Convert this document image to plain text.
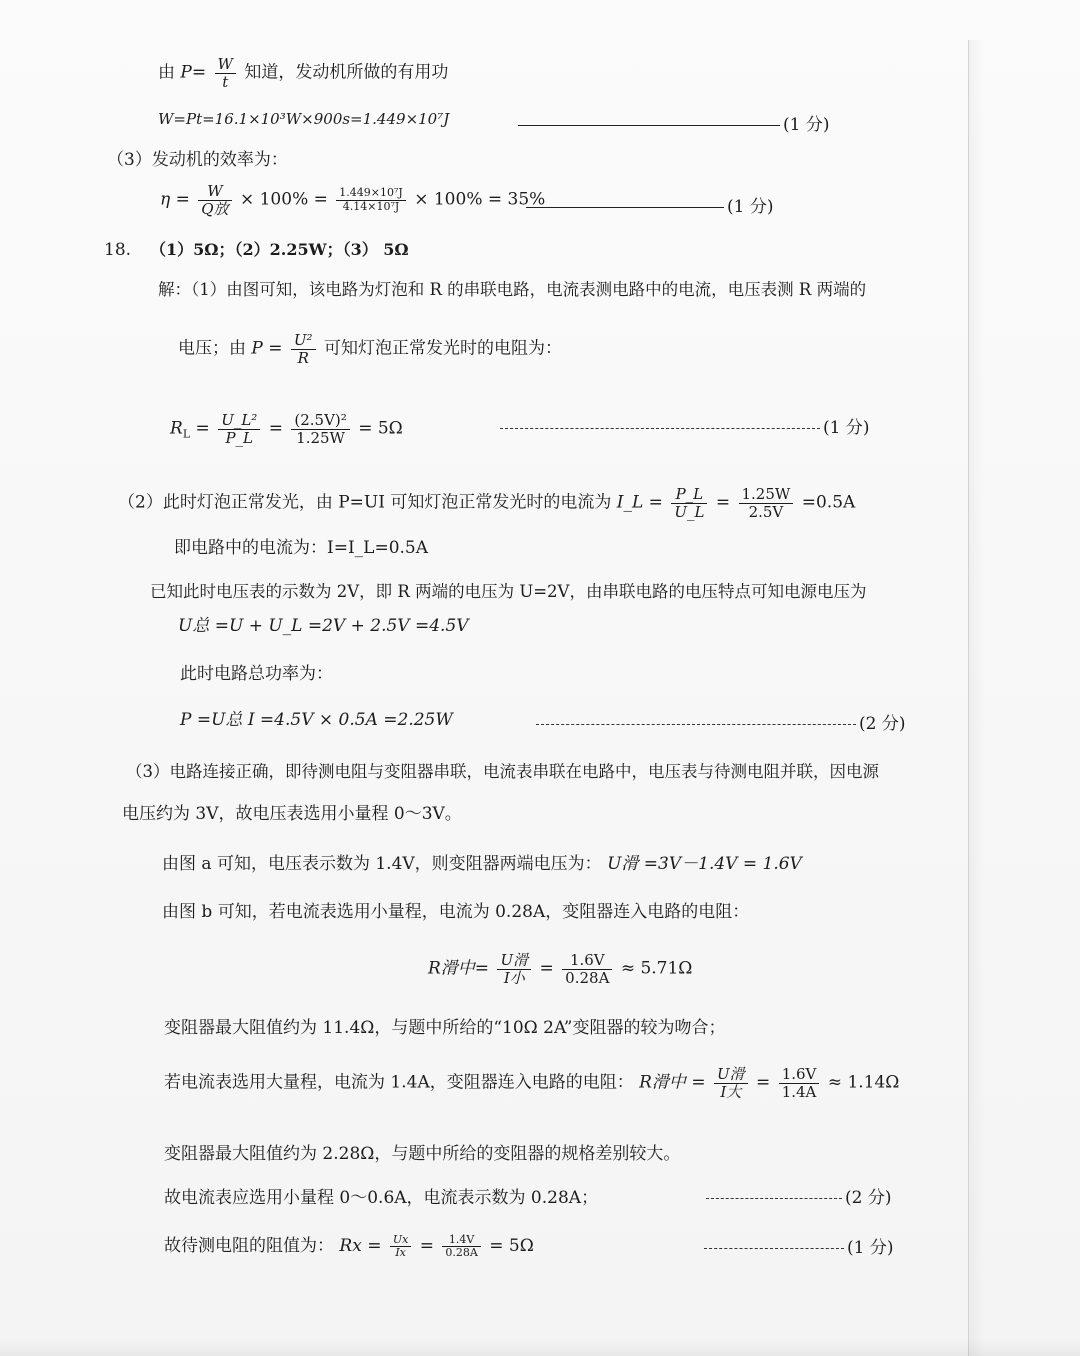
由 $P= \frac{W}{t}$ 知道，发动机所做的有用功
W=Pt=16.1×10³W×900s=1.449×10⁷J	(1 分)
（3）发动机的效率为：
$\eta = \frac{W}{\text{Q放}} \times 100\% = \frac{\text{1.449×10⁷J}}{\text{4.14×10⁷J}} \times 100\% = 35\%$	(1 分)
18. （1）5Ω；（2）2.25W；（3） 5Ω
解：（1）由图可知，该电路为灯泡和 R 的串联电路，电流表测电路中的电流，电压表测 R 两端的
电压；由 $P = \frac{\text{U²}}{R}$ 可知灯泡正常发光时的电阻为：
$R_L = \frac{\text{U\_L²}}{P\_L} = \frac{\text{(2.5V)²}}{1.25W} = 5\Omega$	(1 分)
（2）此时灯泡正常发光，由 P=UI 可知灯泡正常发光时的电流为 I_L = $\frac{P\_L}{U\_L} = \frac{1.25W}{2.5V} =0.5A$
即电路中的电流为：I=I_L=0.5A
已知此时电压表的示数为 2V，即 R 两端的电压为 U=2V，由串联电路的电压特点可知电源电压为
U总 =U + U_L =2V + 2.5V =4.5V
此时电路总功率为：
P =U总 I =4.5V × 0.5A =2.25W	(2 分)
（3）电路连接正确，即待测电阻与变阻器串联，电流表串联在电路中，电压表与待测电阻并联，因电源
电压约为 3V，故电压表选用小量程 0～3V。
由图 a 可知，电压表示数为 1.4V，则变阻器两端电压为： U滑 =3V－1.4V = 1.6V
由图 b 可知，若电流表选用小量程，电流为 0.28A，变阻器连入电路的电阻：
R滑中= $\frac{\text{U滑}}{\text{I小}} = \frac{1.6V}{0.28A} \approx 5.71\Omega$
变阻器最大阻值约为 11.4Ω，与题中所给的“10Ω 2A”变阻器的较为吻合；
若电流表选用大量程，电流为 1.4A，变阻器连入电路的电阻： R滑中 = $\frac{\text{U滑}}{\text{I大}} = \frac{1.6V}{1.4A} \approx 1.14\Omega$
变阻器最大阻值约为 2.28Ω，与题中所给的变阻器的规格差别较大。
故电流表应选用小量程 0～0.6A，电流表示数为 0.28A；	(2 分)
故待测电阻的阻值为： $Rx = \frac{Ux}{Ix} = \frac{1.4V}{0.28A} = 5\Omega$	(1 分)
